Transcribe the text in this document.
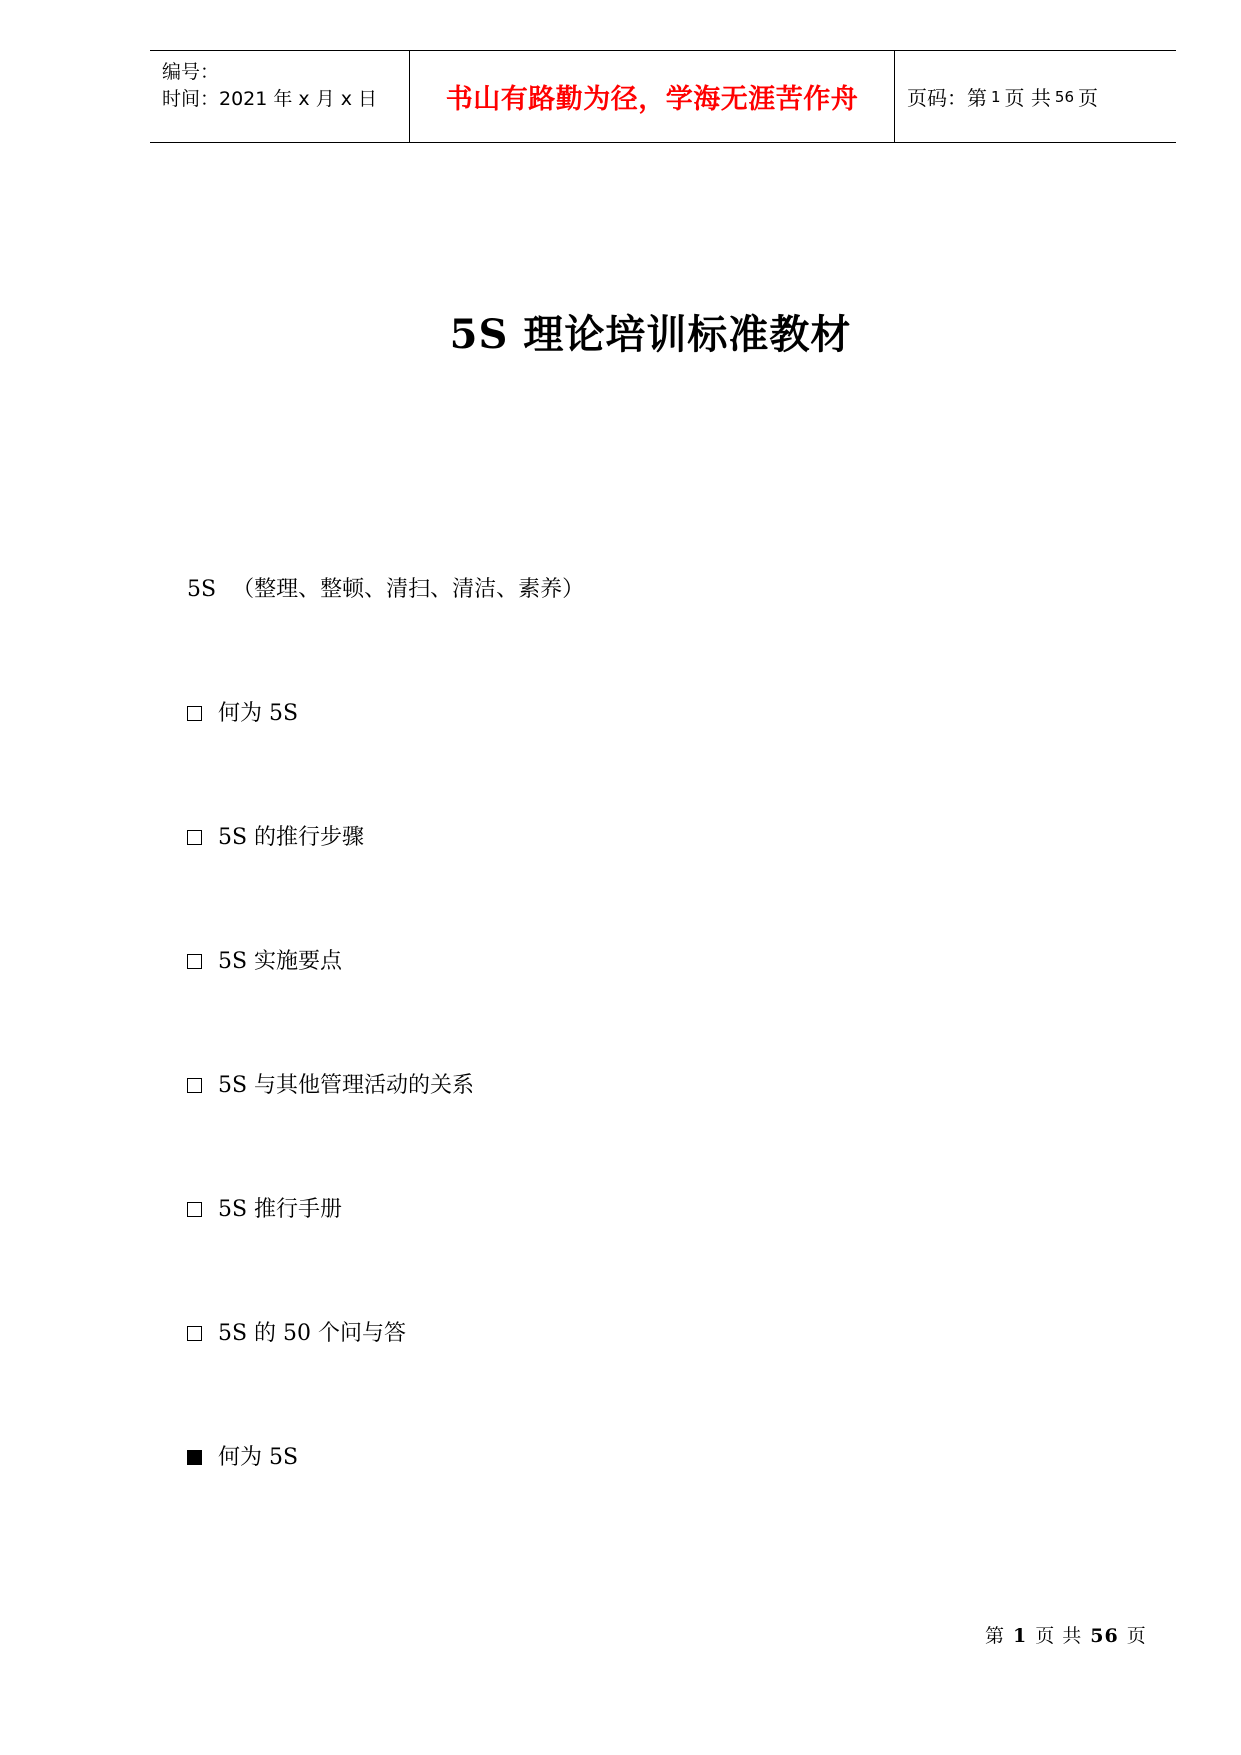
编号：
时间：2021 年 x 月 x 日	书山有路勤为径，学海无涯苦作舟 页码：第 1 页 共 56 页
5S 理论培训标准教材
5S （整理、整顿、清扫、清洁、素养）
何为 5S
5S 的推行步骤
5S 实施要点
5S 与其他管理活动的关系
5S 推行手册
5S 的 50 个问与答
何为 5S
第 1 页 共 56 页
